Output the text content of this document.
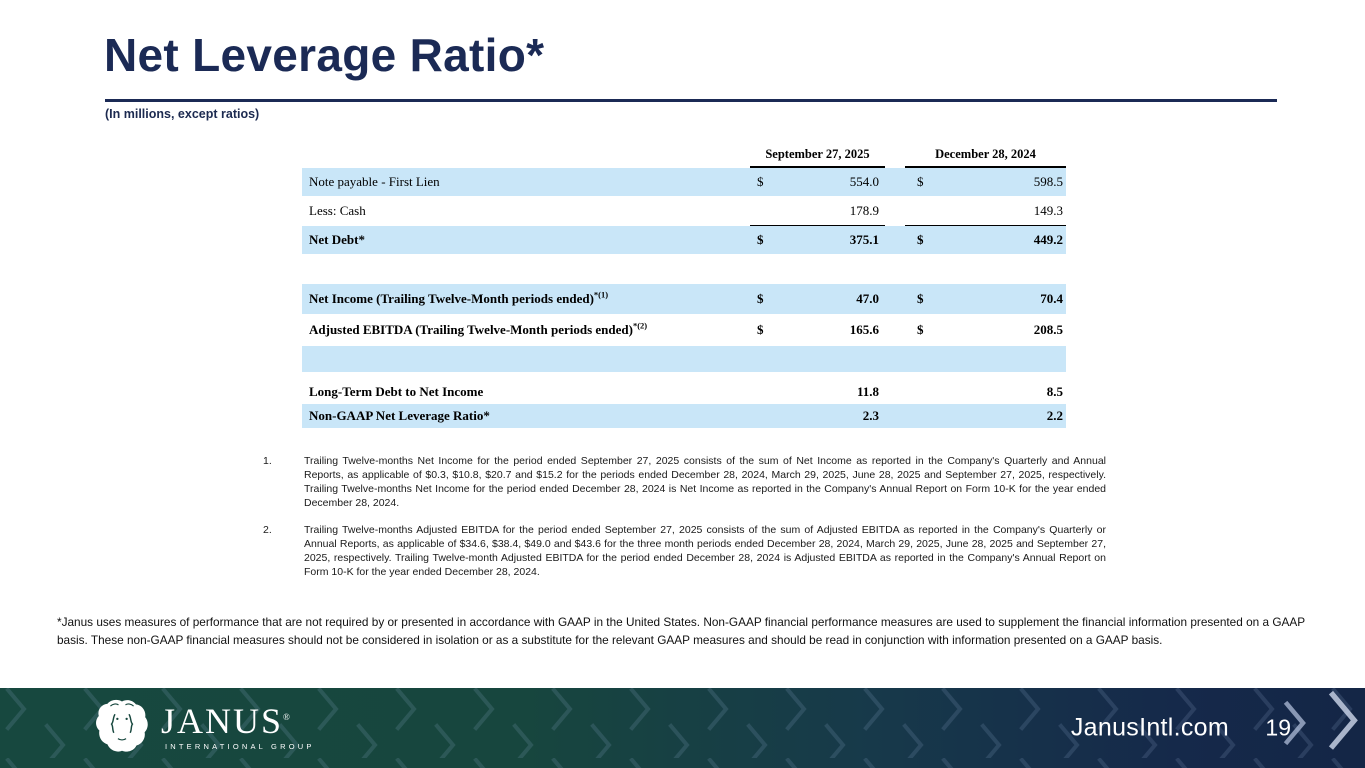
Net Leverage Ratio*
(In millions, except ratios)
September 27, 2025	December 28, 2024
Note payable - First Lien	$	554.0	$	598.5
Less: Cash	178.9	149.3
Net Debt*	$	375.1	$	449.2
Net Income (Trailing Twelve-Month periods ended)$^{*(1)}$	$	47.0	$	70.4
Adjusted EBITDA (Trailing Twelve-Month periods ended)$^{*(2)}$	$	165.6	$	208.5
Long-Term Debt to Net Income	11.8	8.5
Non-GAAP Net Leverage Ratio*	2.3	2.2
1.	Trailing Twelve-months Net Income for the period ended September 27, 2025 consists of the sum of Net Income as reported in the Company's Quarterly and Annual Reports, as applicable of $0.3, $10.8, $20.7 and $15.2 for the periods ended December 28, 2024, March 29, 2025, June 28, 2025 and September 27, 2025, respectively. Trailing Twelve-months Net Income for the period ended December 28, 2024 is Net Income as reported in the Company's Annual Report on Form 10-K for the year ended December 28, 2024.
2.	Trailing Twelve-months Adjusted EBITDA for the period ended September 27, 2025 consists of the sum of Adjusted EBITDA as reported in the Company's Quarterly or Annual Reports, as applicable of $34.6, $38.4, $49.0 and $43.6 for the three month periods ended December 28, 2024, March 29, 2025, June 28, 2025 and September 27, 2025, respectively. Trailing Twelve-month Adjusted EBITDA for the period ended December 28, 2024 is Adjusted EBITDA as reported in the Company's Annual Report on Form 10-K for the year ended December 28, 2024.
*Janus uses measures of performance that are not required by or presented in accordance with GAAP in the United States. Non-GAAP financial performance measures are used to supplement the financial information presented on a GAAP basis. These non-GAAP financial measures should not be considered in isolation or as a substitute for the relevant GAAP measures and should be read in conjunction with information presented on a GAAP basis.
JANUS®
INTERNATIONAL GROUP
JanusIntl.com 19
